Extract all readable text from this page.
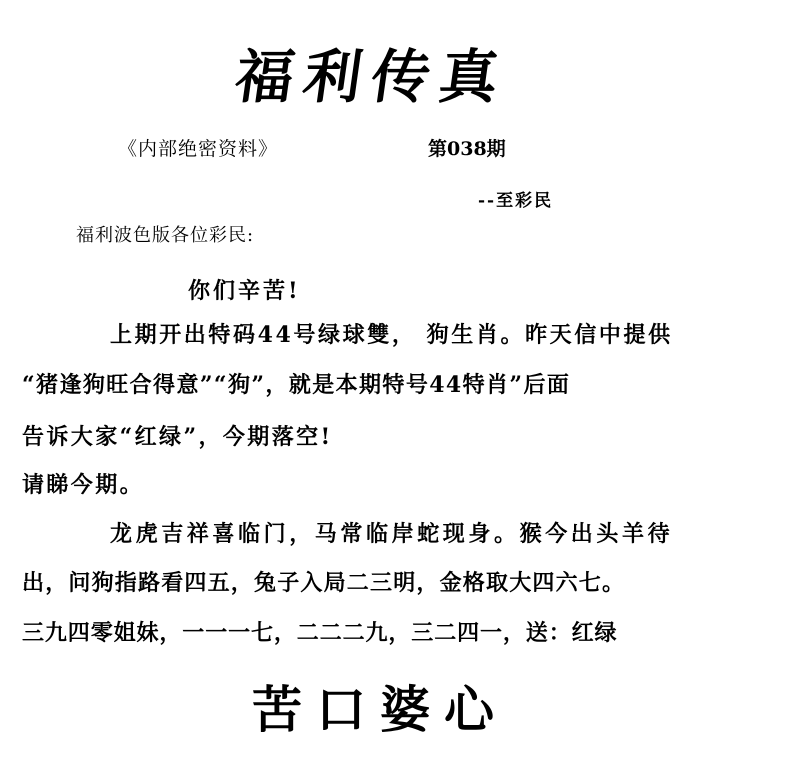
福利传真
《内部绝密资料》	第038期
--至彩民
福利波色版各位彩民:
你们辛苦!
上期开出特码44号绿球雙， 狗生肖。昨天信中提供
“猪逢狗旺合得意”“狗”，就是本期特号44特肖”后面
告诉大家“红绿”，今期落空!
请睇今期。
龙虎吉祥喜临门，马常临岸蛇现身。猴今出头羊待
出，问狗指路看四五，兔子入局二三明，金格取大四六七。
三九四零姐妹，一一一七，二二二九，三二四一，送：红绿
苦口婆心
